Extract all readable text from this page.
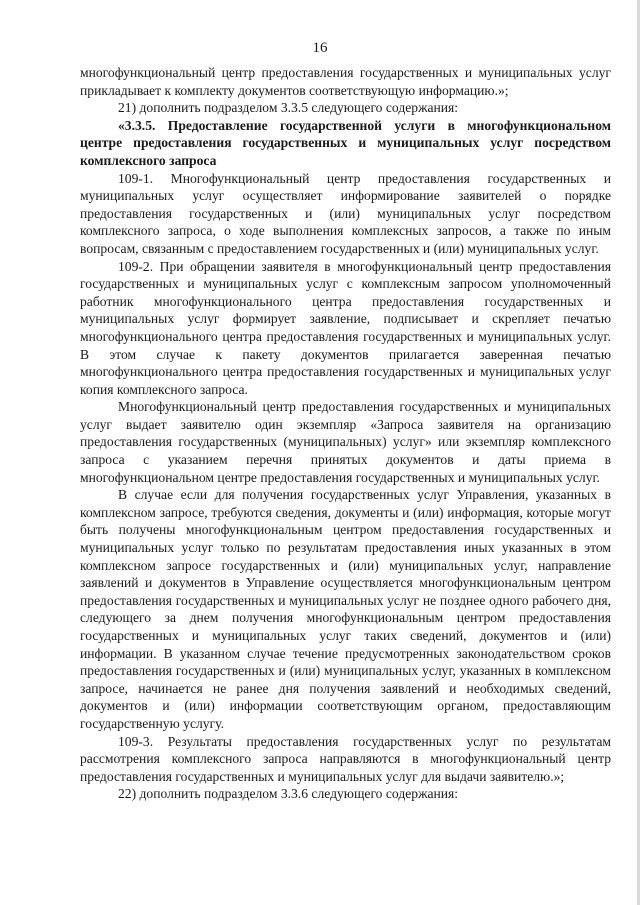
16

многофункциональный центр предоставления государственных и муниципальных услуг прикладывает к комплекту документов соответствующую информацию.»;

21) дополнить подразделом 3.3.5 следующего содержания:

«3.3.5. Предоставление государственной услуги в многофункциональном центре предоставления государственных и муниципальных услуг посредством комплексного запроса

109-1. Многофункциональный центр предоставления государственных и муниципальных услуг осуществляет информирование заявителей о порядке предоставления государственных и (или) муниципальных услуг посредством комплексного запроса, о ходе выполнения комплексных запросов, а также по иным вопросам, связанным с предоставлением государственных и (или) муниципальных услуг.

109-2. При обращении заявителя в многофункциональный центр предоставления государственных и муниципальных услуг с комплексным запросом уполномоченный работник многофункционального центра предоставления государственных и муниципальных услуг формирует заявление, подписывает и скрепляет печатью многофункционального центра предоставления государственных и муниципальных услуг. В этом случае к пакету документов прилагается заверенная печатью многофункционального центра предоставления государственных и муниципальных услуг копия комплексного запроса.

Многофункциональный центр предоставления государственных и муниципальных услуг выдает заявителю один экземпляр «Запроса заявителя на организацию предоставления государственных (муниципальных) услуг» или экземпляр комплексного запроса с указанием перечня принятых документов и даты приема в многофункциональном центре предоставления государственных и муниципальных услуг.

В случае если для получения государственных услуг Управления, указанных в комплексном запросе, требуются сведения, документы и (или) информация, которые могут быть получены многофункциональным центром предоставления государственных и муниципальных услуг только по результатам предоставления иных указанных в этом комплексном запросе государственных и (или) муниципальных услуг, направление заявлений и документов в Управление осуществляется многофункциональным центром предоставления государственных и муниципальных услуг не позднее одного рабочего дня, следующего за днем получения многофункциональным центром предоставления государственных и муниципальных услуг таких сведений, документов и (или) информации. В указанном случае течение предусмотренных законодательством сроков предоставления государственных и (или) муниципальных услуг, указанных в комплексном запросе, начинается не ранее дня получения заявлений и необходимых сведений, документов и (или) информации соответствующим органом, предоставляющим государственную услугу.

109-3. Результаты предоставления государственных услуг по результатам рассмотрения комплексного запроса направляются в многофункциональный центр предоставления государственных и муниципальных услуг для выдачи заявителю.»;

22) дополнить подразделом 3.3.6 следующего содержания:
